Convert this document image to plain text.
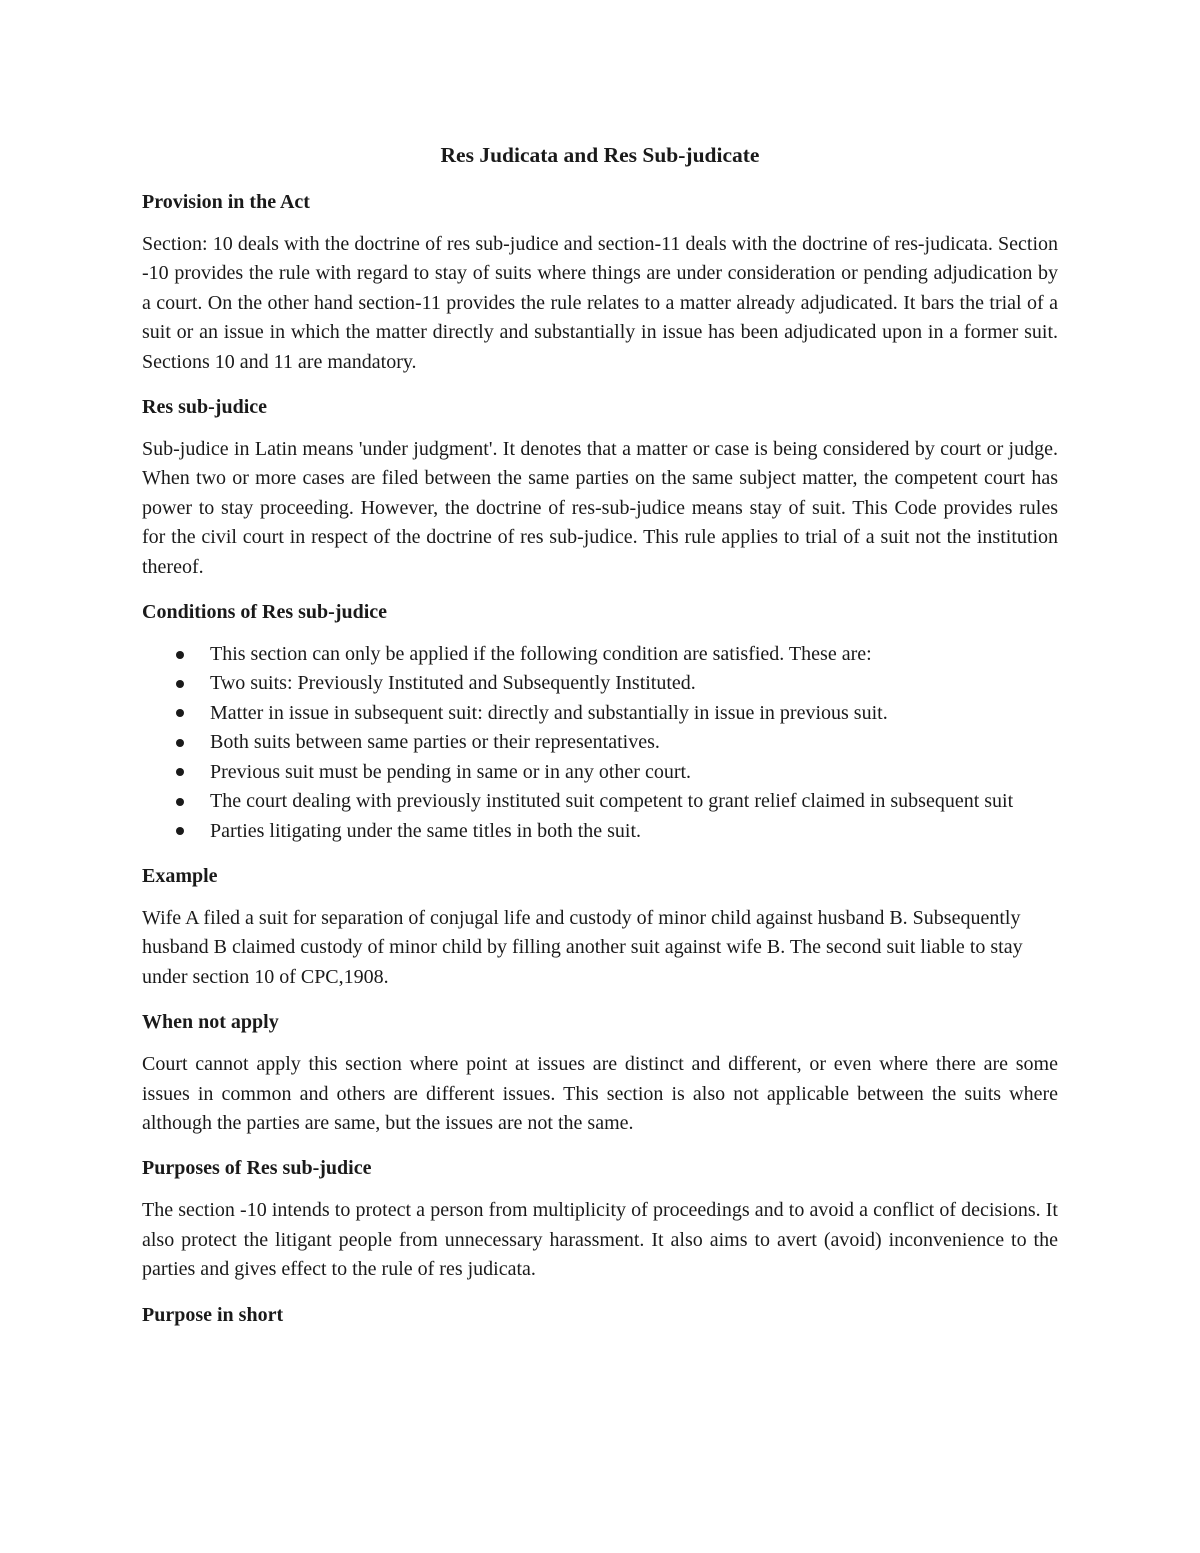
Res Judicata and Res Sub-judicate
Provision in the Act

Section: 10 deals with the doctrine of res sub-judice and section-11 deals with the doctrine of res-judicata. Section -10 provides the rule with regard to stay of suits where things are under consideration or pending adjudication by a court. On the other hand section-11 provides the rule relates to a matter already adjudicated. It bars the trial of a suit or an issue in which the matter directly and substantially in issue has been adjudicated upon in a former suit. Sections 10 and 11 are mandatory.

Res sub-judice

Sub-judice in Latin means 'under judgment'. It denotes that a matter or case is being considered by court or judge. When two or more cases are filed between the same parties on the same subject matter, the competent court has power to stay proceeding. However, the doctrine of res-sub-judice means stay of suit. This Code provides rules for the civil court in respect of the doctrine of res sub-judice. This rule applies to trial of a suit not the institution thereof.

Conditions of Res sub-judice
This section can only be applied if the following condition are satisfied. These are:
Two suits: Previously Instituted and Subsequently Instituted.
Matter in issue in subsequent suit: directly and substantially in issue in previous suit.
Both suits between same parties or their representatives.
Previous suit must be pending in same or in any other court.
The court dealing with previously instituted suit competent to grant relief claimed in subsequent suit
Parties litigating under the same titles in both the suit.
Example

Wife A filed a suit for separation of conjugal life and custody of minor child against husband B. Subsequently husband B claimed custody of minor child by filling another suit against wife B. The second suit liable to stay under section 10 of CPC,1908.

When not apply

Court cannot apply this section where point at issues are distinct and different, or even where there are some issues in common and others are different issues. This section is also not applicable between the suits where although the parties are same, but the issues are not the same.

Purposes of Res sub-judice

The section -10 intends to protect a person from multiplicity of proceedings and to avoid a conflict of decisions. It also protect the litigant people from unnecessary harassment. It also aims to avert (avoid) inconvenience to the parties and gives effect to the rule of res judicata.

Purpose in short
